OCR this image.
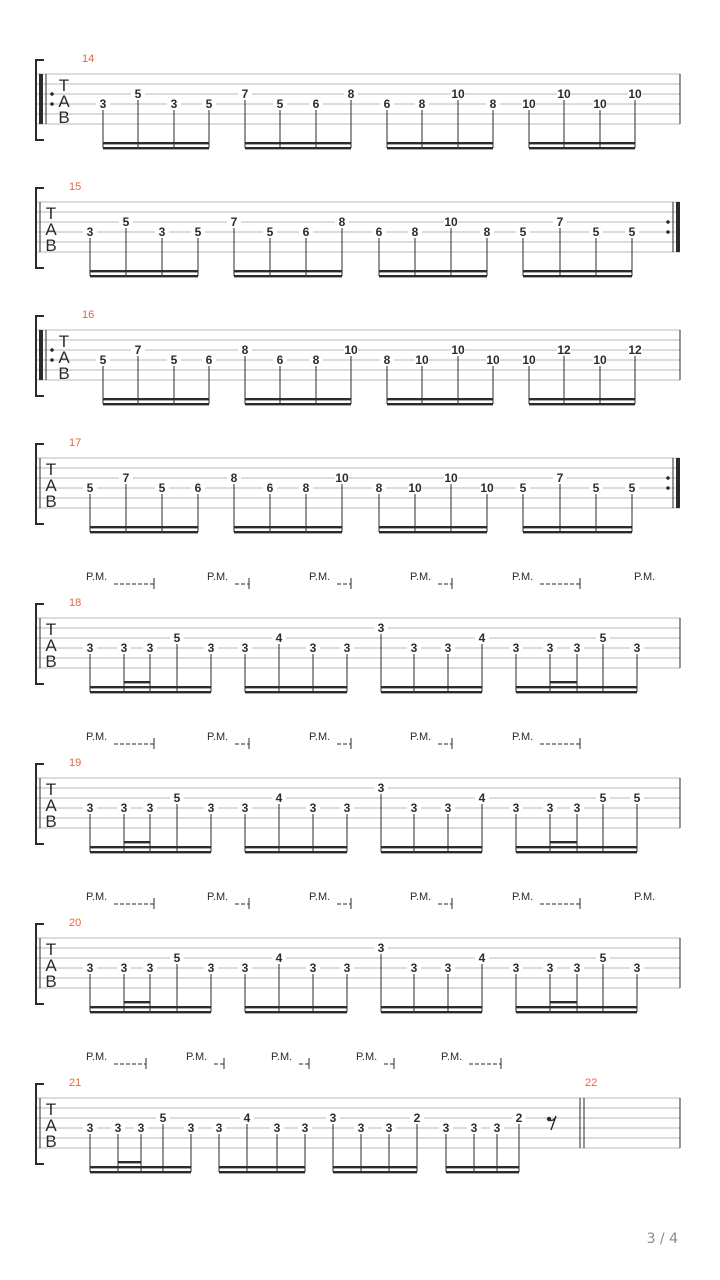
T
A
B
14
3
5
3 5
7
5 6
8
6 8
10
8 10
10
10
10
T
A
B
15
3
5
3 5
7
5 6
8
6 8
10
8 5
7
5 5
T
A
B
16
5
7
5 6
8
6 8
10
8 10
10
10 10
12
10
12
T
A
B
17
5
7
5 6
8
6 8
10
8 10
10
10 5
7
5 5
T
A
B
18
3 3 3
5
3 3
4
3 3
3
3 3
4
3 3 3
5
3
P.M.	P.M.	P.M.	P.M.	P.M.	P.M.
T
A
B
19
3 3 3
5
3 3
4
3 3
3
3 3
4
3 3 3
5 5
P.M.	P.M.	P.M.	P.M.	P.M.
T
A
B
20
3 3 3
5
3 3
4
3 3
3
3 3
4
3 3 3
5
3
P.M.	P.M.	P.M.	P.M.	P.M.	P.M.
T
A
B
21
3 3 3
5
3 3
4
3 3
3
3 3
2
3 3 3
2
P.M.	P.M.	P.M.	P.M.	P.M.
22
3 / 4
